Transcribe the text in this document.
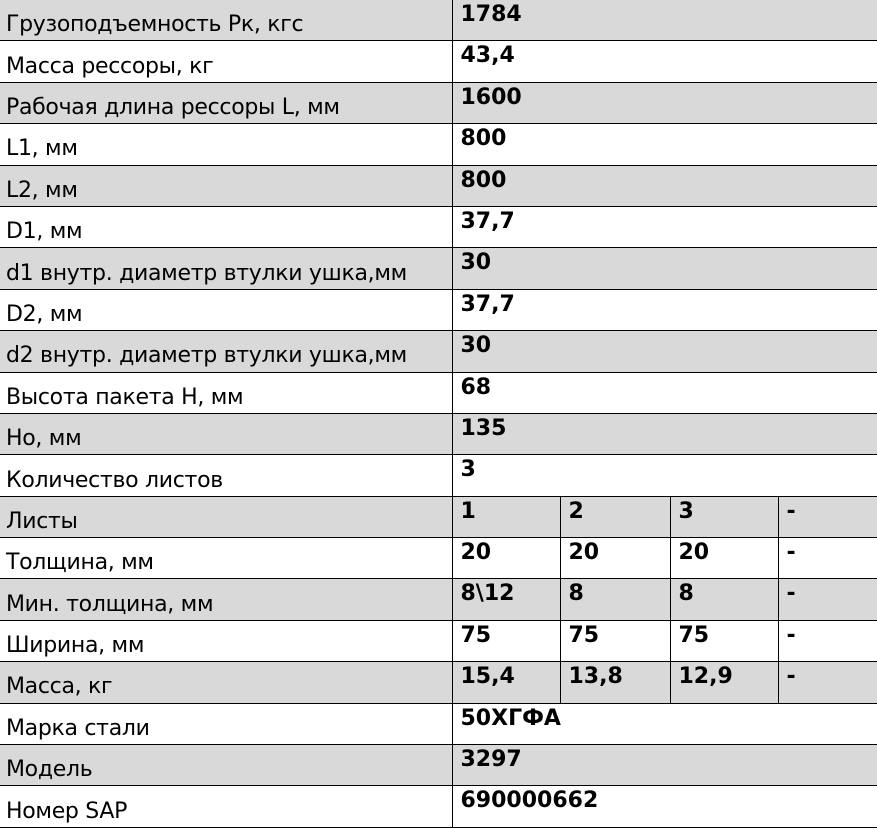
Грузоподъемность Pк, кгс	1784			
Масса рессоры, кг	43,4			
Рабочая длина рессоры L, мм	1600			
L1, мм	800			
L2, мм	800			
D1, мм	37,7			
d1 внутр. диаметр втулки ушка,мм	30			
D2, мм	37,7			
d2 внутр. диаметр втулки ушка,мм	30			
Высота пакета H, мм	68			
Ho, мм	135			
Количество листов	3			
Листы	1	2	3	-
Толщина, мм	20	20	20	-
Мин. толщина, мм	8\12	8	8	-
Ширина, мм	75	75	75	-
Масса, кг	15,4	13,8	12,9	-
Марка стали	50ХГФА			
Модель	3297			
Номер SAP	690000662			
